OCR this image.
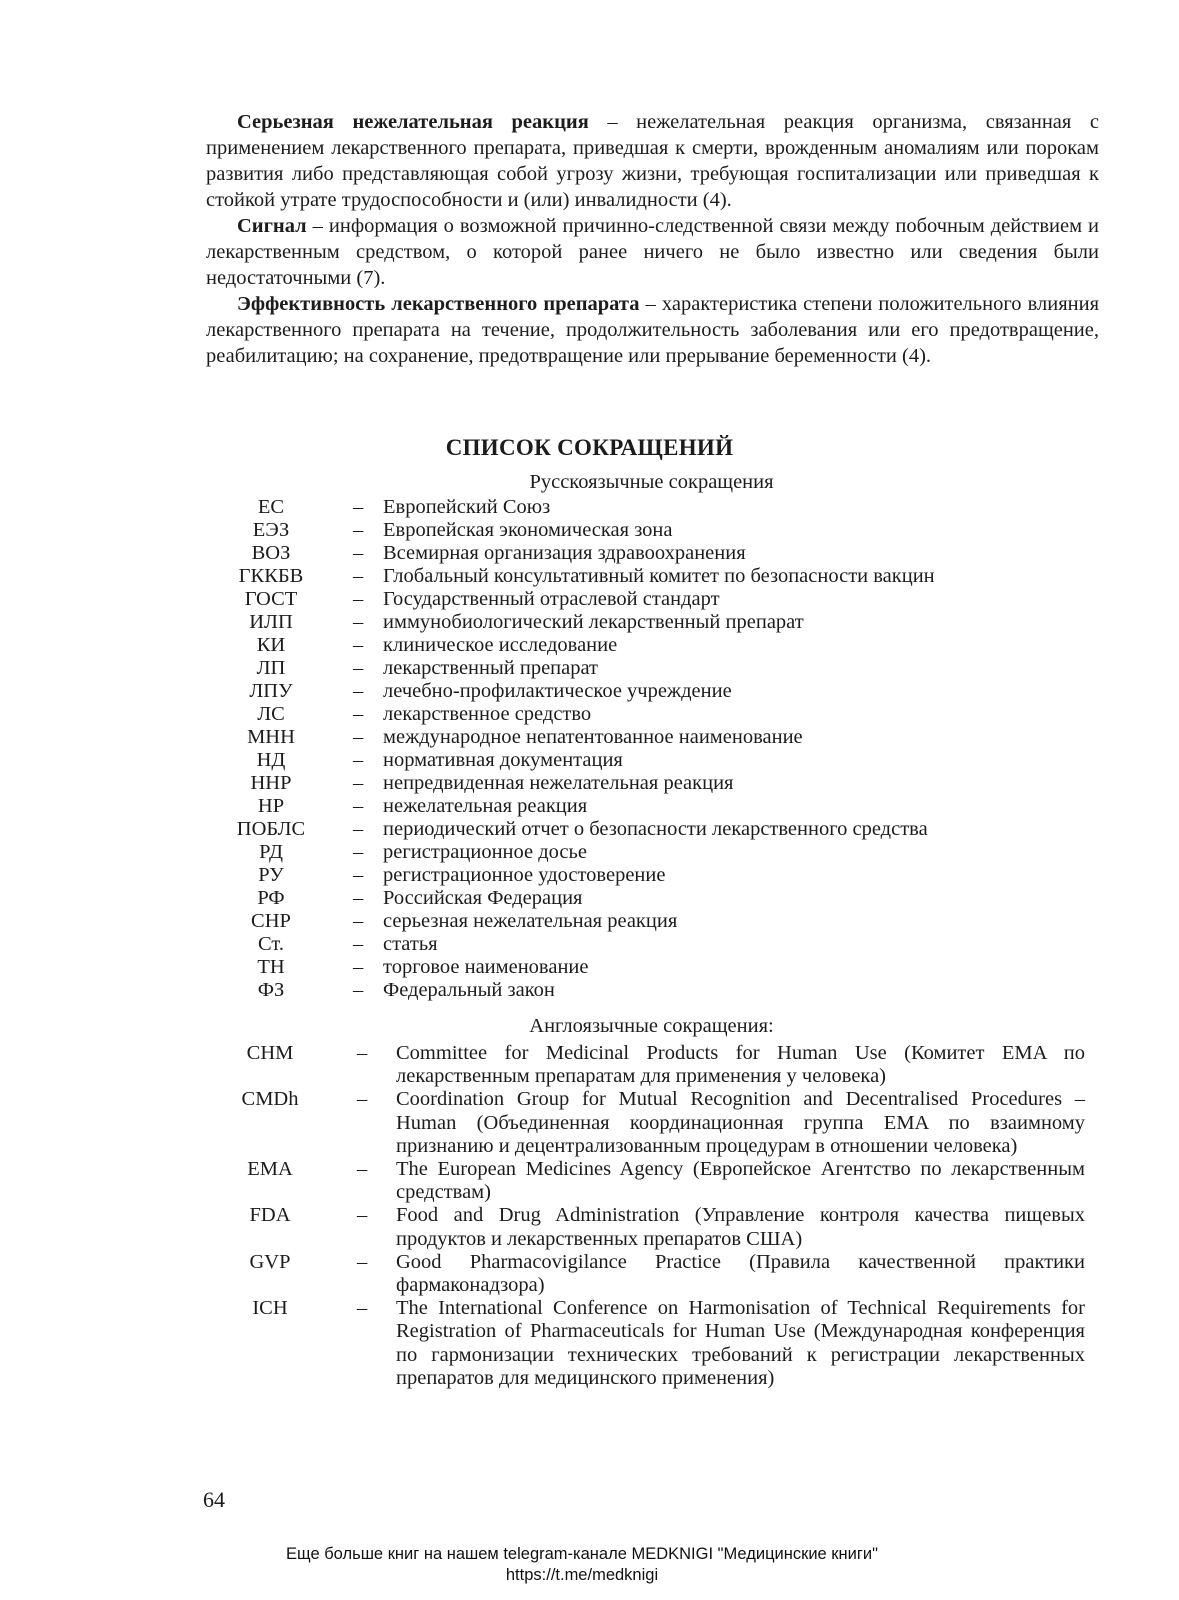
Серьезная нежелательная реакция – нежелательная реакция организма, связанная с применением лекарственного препарата, приведшая к смерти, врожденным аномалиям или порокам развития либо представляющая собой угрозу жизни, требующая госпитализации или приведшая к стойкой утрате трудоспособности и (или) инвалидности (4).

Сигнал – информация о возможной причинно-следственной связи между побочным действием и лекарственным средством, о которой ранее ничего не было известно или сведения были недостаточными (7).

Эффективность лекарственного препарата – характеристика степени положительного влияния лекарственного препарата на течение, продолжительность заболевания или его предотвращение, реабилитацию; на сохранение, предотвращение или прерывание беременности (4).

СПИСОК СОКРАЩЕНИЙ
Русскоязычные сокращения
ЕС	– Европейский Союз
ЕЭЗ	– Европейская экономическая зона
ВОЗ	– Всемирная организация здравоохранения
ГККБВ	– Глобальный консультативный комитет по безопасности вакцин
ГОСТ	– Государственный отраслевой стандарт
ИЛП	– иммунобиологический лекарственный препарат
КИ	– клиническое исследование
ЛП	– лекарственный препарат
ЛПУ	– лечебно-профилактическое учреждение
ЛС	– лекарственное средство
МНН	– международное непатентованное наименование
НД	– нормативная документация
ННР	– непредвиденная нежелательная реакция
НР	– нежелательная реакция
ПОБЛС	– периодический отчет о безопасности лекарственного средства
РД	– регистрационное досье
РУ	– регистрационное удостоверение
РФ	– Российская Федерация
СНР	– серьезная нежелательная реакция
Ст.	– статья
ТН	– торговое наименование
ФЗ	– Федеральный закон
Англоязычные сокращения:
CHM	– Committee for Medicinal Products for Human Use (Комитет EMA по лекарственным препаратам для применения у человека)
CMDh	– Coordination Group for Mutual Recognition and Decentralised Procedures – Human (Объединенная координационная группа EMA по взаимному признанию и децентрализованным процедурам в отношении человека)
EMA	– The European Medicines Agency (Европейское Агентство по лекарственным средствам)
FDA	– Food and Drug Administration (Управление контроля качества пищевых продуктов и лекарственных препаратов США)
GVP	– Good Pharmacovigilance Practice (Правила качественной практики фармаконадзора)
ICH	– The International Conference on Harmonisation of Technical Requirements for Registration of Pharmaceuticals for Human Use (Международная конференция по гармонизации технических требований к регистрации лекарственных препаратов для медицинского применения)
64
Еще больше книг на нашем telegram-канале MEDKNIGI "Медицинские книги"
https://t.me/medknigi
